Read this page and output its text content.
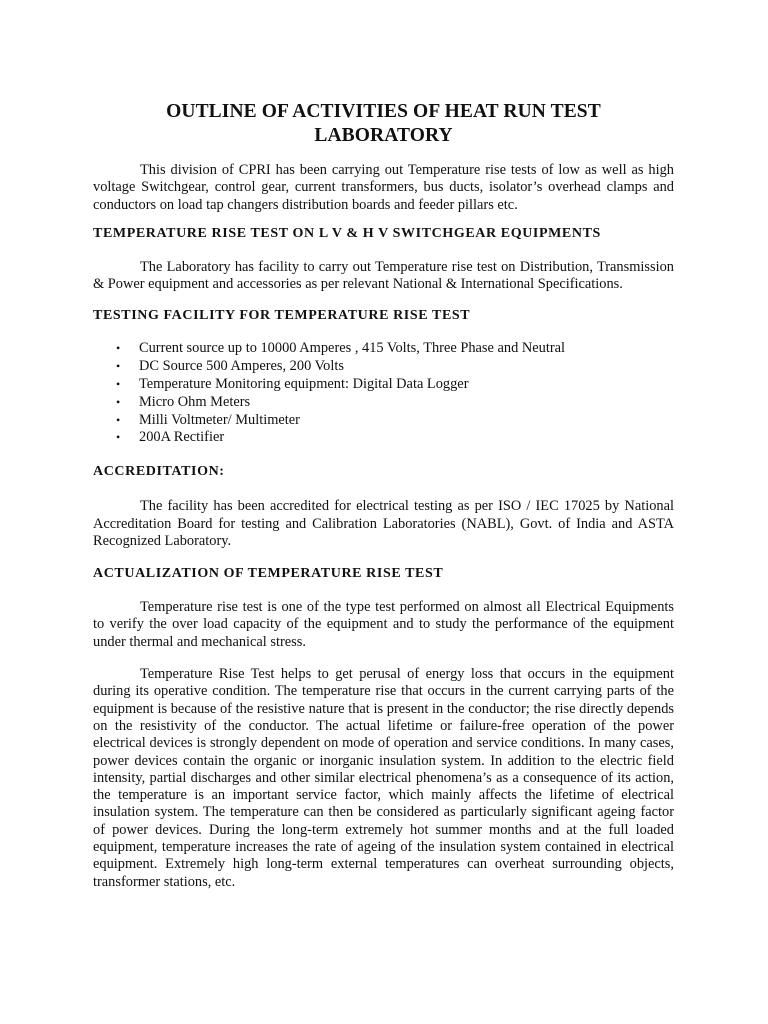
OUTLINE OF ACTIVITIES OF HEAT RUN TEST
LABORATORY

This division of CPRI has been carrying out Temperature rise tests of low as well as high voltage Switchgear, control gear, current transformers, bus ducts, isolator’s overhead clamps and conductors on load tap changers distribution boards and feeder pillars etc.

TEMPERATURE RISE TEST ON L V & H V SWITCHGEAR EQUIPMENTS

The Laboratory has facility to carry out Temperature rise test on Distribution, Transmission & Power equipment and accessories as per relevant National & International Specifications.

TESTING FACILITY FOR TEMPERATURE RISE TEST
• Current source up to 10000 Amperes , 415 Volts, Three Phase and Neutral
• DC Source 500 Amperes, 200 Volts
• Temperature Monitoring equipment: Digital Data Logger
• Micro Ohm Meters
• Milli Voltmeter/ Multimeter
• 200A Rectifier
ACCREDITATION:

The facility has been accredited for electrical testing as per ISO / IEC 17025 by National Accreditation Board for testing and Calibration Laboratories (NABL), Govt. of India and ASTA Recognized Laboratory.

ACTUALIZATION OF TEMPERATURE RISE TEST

Temperature rise test is one of the type test performed on almost all Electrical Equipments to verify the over load capacity of the equipment and to study the performance of the equipment under thermal and mechanical stress.

Temperature Rise Test helps to get perusal of energy loss that occurs in the equipment during its operative condition. The temperature rise that occurs in the current carrying parts of the equipment is because of the resistive nature that is present in the conductor; the rise directly depends on the resistivity of the conductor. The actual lifetime or failure-free operation of the power electrical devices is strongly dependent on mode of operation and service conditions. In many cases, power devices contain the organic or inorganic insulation system. In addition to the electric field intensity, partial discharges and other similar electrical phenomena’s as a consequence of its action, the temperature is an important service factor, which mainly affects the lifetime of electrical insulation system. The temperature can then be considered as particularly significant ageing factor of power devices. During the long-term extremely hot summer months and at the full loaded equipment, temperature increases the rate of ageing of the insulation system contained in electrical equipment. Extremely high long-term external temperatures can overheat surrounding objects, transformer stations, etc.
